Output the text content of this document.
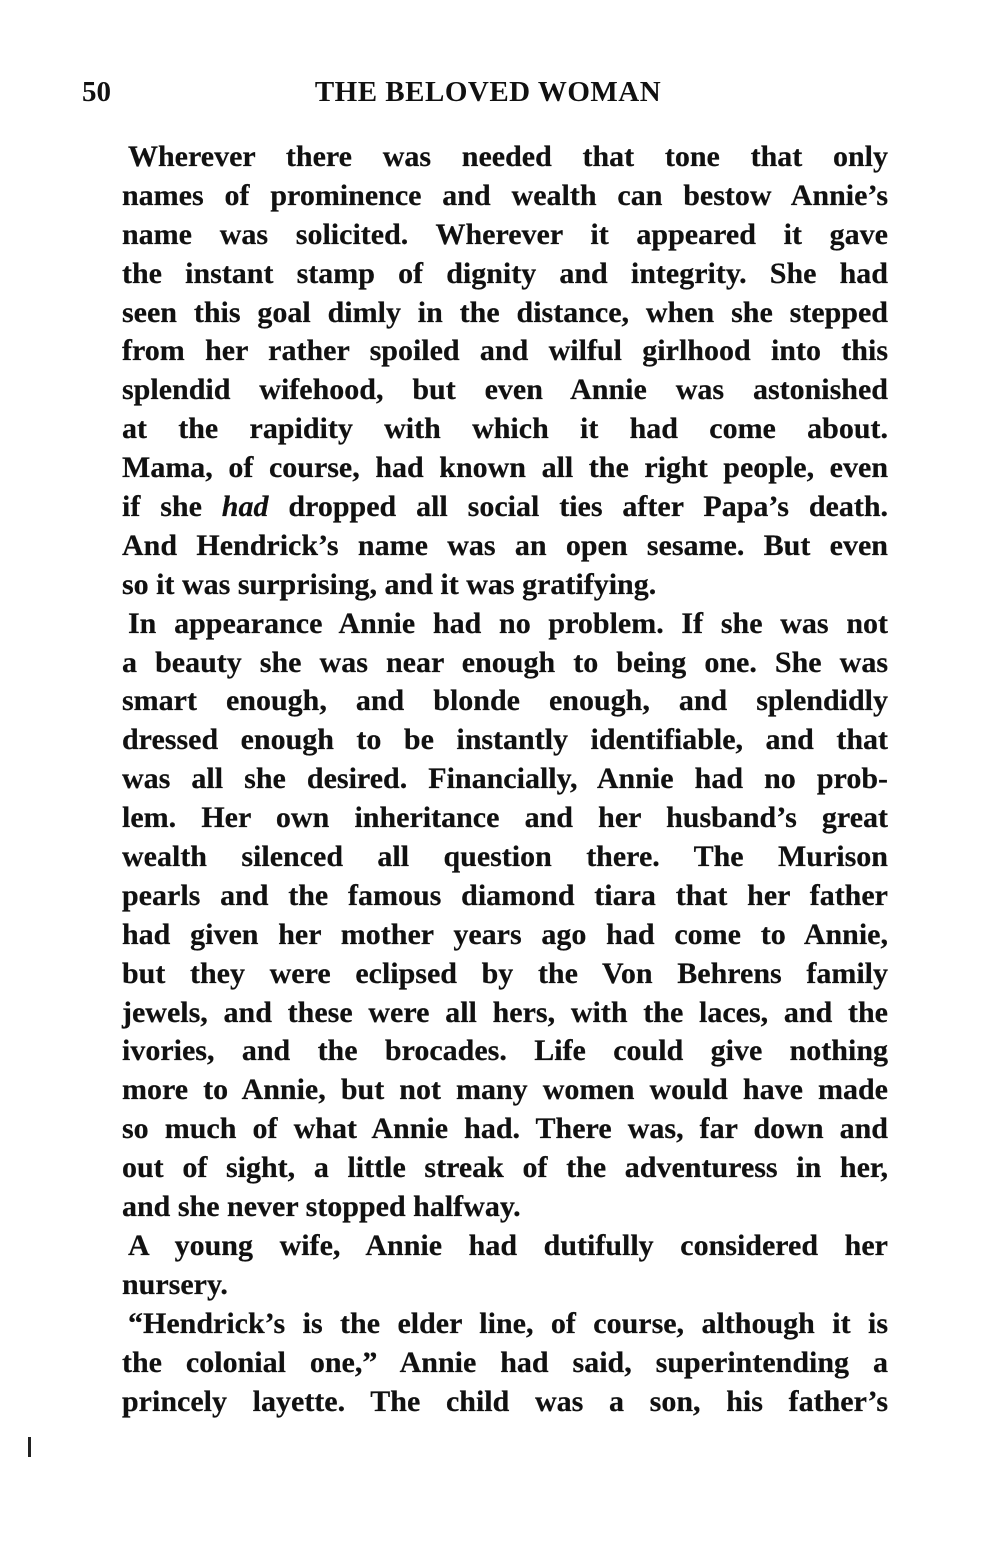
50	THE BELOVED WOMAN
Wherever there was needed that tone that only
names of prominence and wealth can bestow Annie’s
name was solicited. Wherever it appeared it gave
the instant stamp of dignity and integrity. She had
seen this goal dimly in the distance, when she stepped
from her rather spoiled and wilful girlhood into this
splendid wifehood, but even Annie was astonished
at the rapidity with which it had come about.
Mama, of course, had known all the right people, even
if she had dropped all social ties after Papa’s death.
And Hendrick’s name was an open sesame. But even
so it was surprising, and it was gratifying.
In appearance Annie had no problem. If she was not
a beauty she was near enough to being one. She was
smart enough, and blonde enough, and splendidly
dressed enough to be instantly identifiable, and that
was all she desired. Financially, Annie had no prob-
lem. Her own inheritance and her husband’s great
wealth silenced all question there. The Murison
pearls and the famous diamond tiara that her father
had given her mother years ago had come to Annie,
but they were eclipsed by the Von Behrens family
jewels, and these were all hers, with the laces, and the
ivories, and the brocades. Life could give nothing
more to Annie, but not many women would have made
so much of what Annie had. There was, far down and
out of sight, a little streak of the adventuress in her,
and she never stopped halfway.
A young wife, Annie had dutifully considered her
nursery.
“Hendrick’s is the elder line, of course, although it is
the colonial one,” Annie had said, superintending a
princely layette. The child was a son, his father’s
